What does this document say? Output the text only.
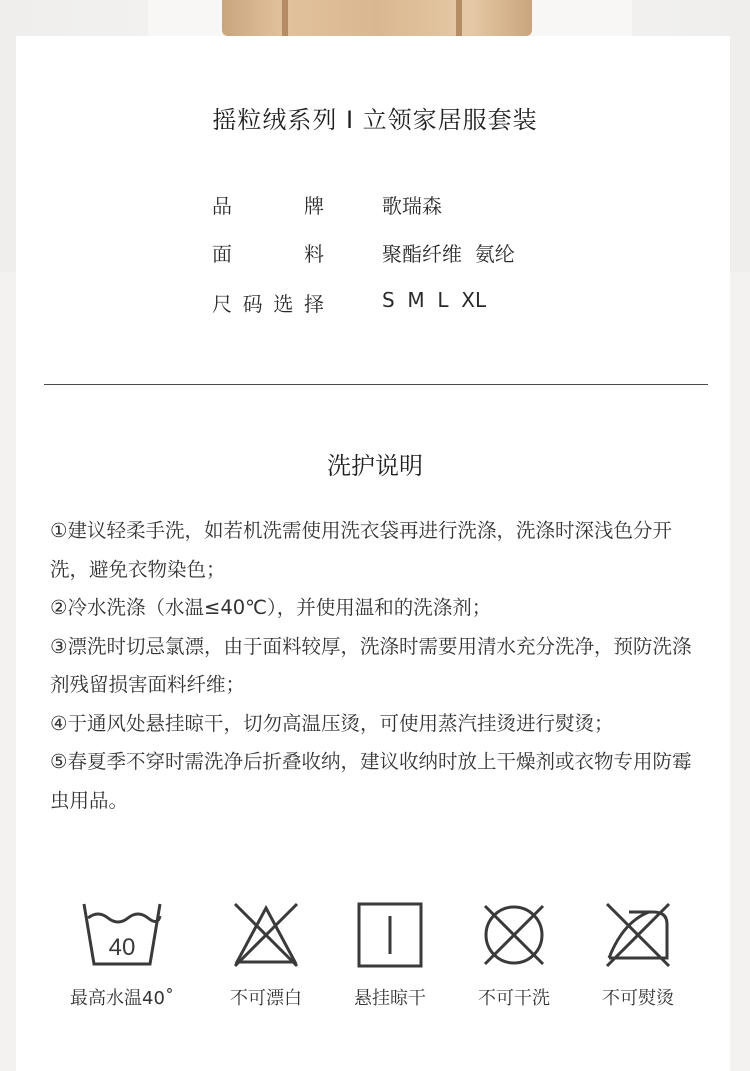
摇粒绒系列 I 立领家居服套装
品	牌	歌瑞森
面	料	聚酯纤维  氨纶
尺 码 选 择	S  M  L  XL
洗护说明

①建议轻柔手洗，如若机洗需使用洗衣袋再进行洗涤，洗涤时深浅色分开洗，避免衣物染色；

②冷水洗涤（水温≤40℃），并使用温和的洗涤剂；

③漂洗时切忌氯漂，由于面料较厚，洗涤时需要用清水充分洗净，预防洗涤剂残留损害面料纤维；

④于通风处悬挂晾干，切勿高温压烫，可使用蒸汽挂烫进行熨烫；

⑤春夏季不穿时需洗净后折叠收纳，建议收纳时放上干燥剂或衣物专用防霉虫用品。

40
最高水温40˚	不可漂白	悬挂晾干	不可干洗	不可熨烫
